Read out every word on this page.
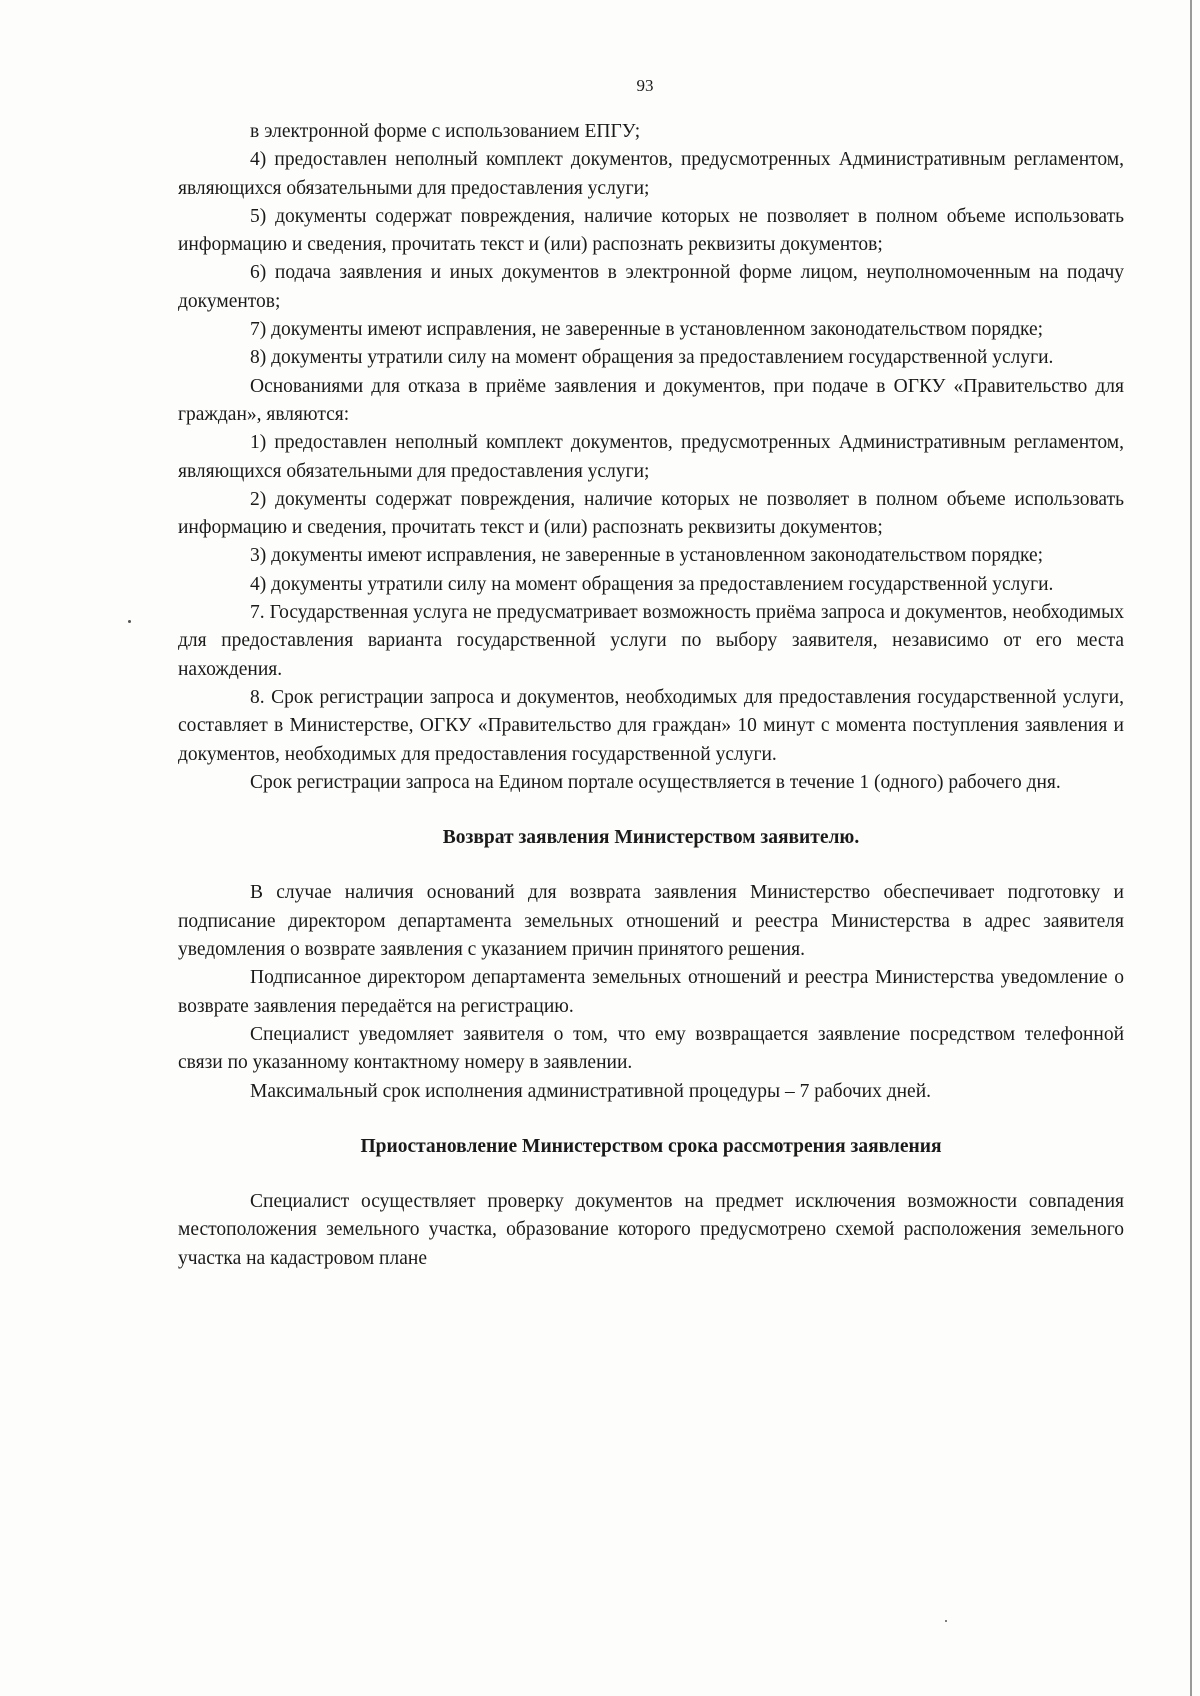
93

в электронной форме с использованием ЕПГУ;

4) предоставлен неполный комплект документов, предусмотренных Административным регламентом, являющихся обязательными для предоставления услуги;

5) документы содержат повреждения, наличие которых не позволяет в полном объеме использовать информацию и сведения, прочитать текст и (или) распознать реквизиты документов;

6) подача заявления и иных документов в электронной форме лицом, неуполномоченным на подачу документов;

7) документы имеют исправления, не заверенные в установленном законодательством порядке;

8) документы утратили силу на момент обращения за предоставлением государственной услуги.

Основаниями для отказа в приёме заявления и документов, при подаче в ОГКУ «Правительство для граждан», являются:

1) предоставлен неполный комплект документов, предусмотренных Административным регламентом, являющихся обязательными для предоставления услуги;

2) документы содержат повреждения, наличие которых не позволяет в полном объеме использовать информацию и сведения, прочитать текст и (или) распознать реквизиты документов;

3) документы имеют исправления, не заверенные в установленном законодательством порядке;

4) документы утратили силу на момент обращения за предоставлением государственной услуги.

7. Государственная услуга не предусматривает возможность приёма запроса и документов, необходимых для предоставления варианта государственной услуги по выбору заявителя, независимо от его места нахождения.

8. Срок регистрации запроса и документов, необходимых для предоставления государственной услуги, составляет в Министерстве, ОГКУ «Правительство для граждан» 10 минут с момента поступления заявления и документов, необходимых для предоставления государственной услуги.

Срок регистрации запроса на Едином портале осуществляется в течение 1 (одного) рабочего дня.

Возврат заявления Министерством заявителю.

В случае наличия оснований для возврата заявления Министерство обеспечивает подготовку и подписание директором департамента земельных отношений и реестра Министерства в адрес заявителя уведомления о возврате заявления с указанием причин принятого решения.

Подписанное директором департамента земельных отношений и реестра Министерства уведомление о возврате заявления передаётся на регистрацию.

Специалист уведомляет заявителя о том, что ему возвращается заявление посредством телефонной связи по указанному контактному номеру в заявлении.

Максимальный срок исполнения административной процедуры – 7 рабочих дней.

Приостановление Министерством срока рассмотрения заявления

Специалист осуществляет проверку документов на предмет исключения возможности совпадения местоположения земельного участка, образование которого предусмотрено схемой расположения земельного участка на кадастровом плане
